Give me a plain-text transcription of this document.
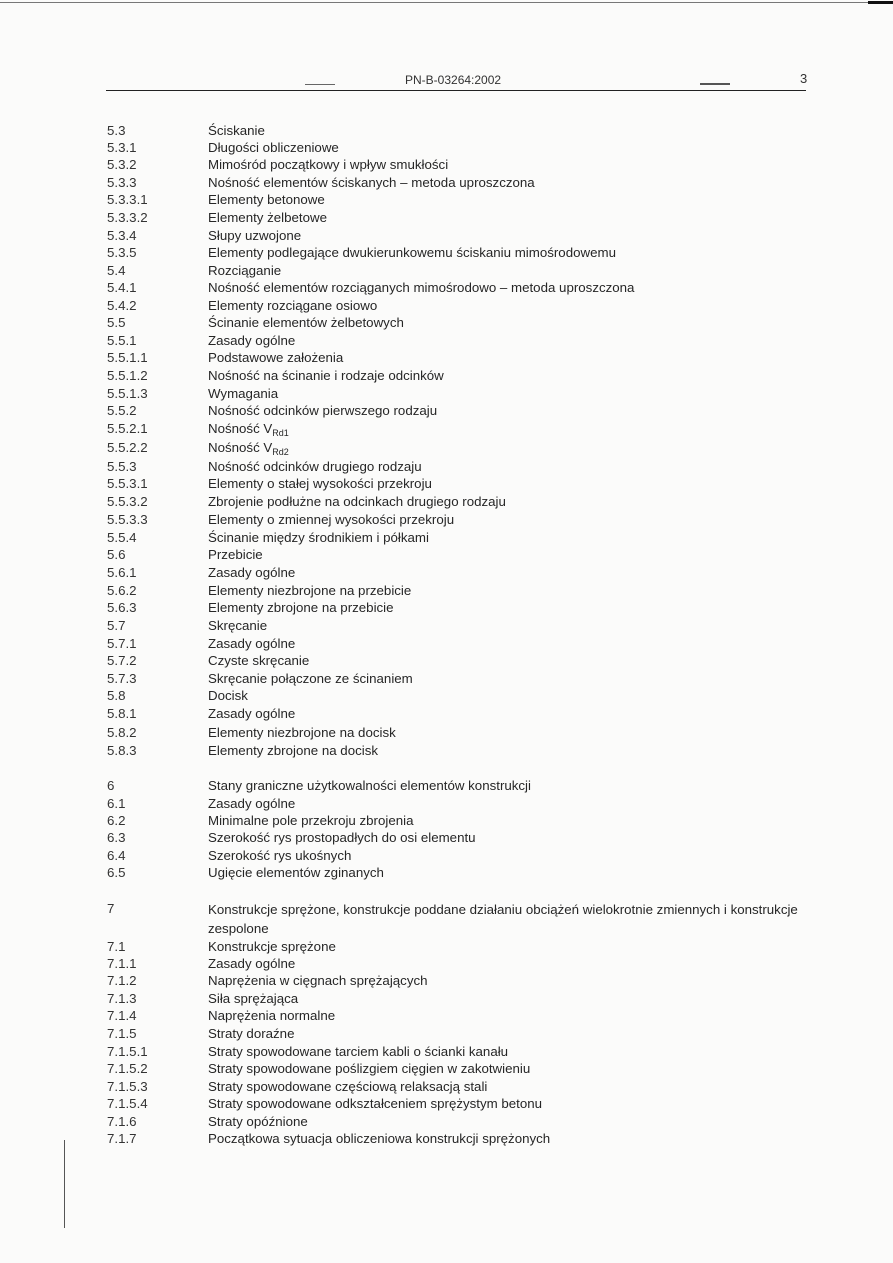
PN-B-03264:2002	3
5.3	Ściskanie
5.3.1	Długości obliczeniowe
5.3.2	Mimośród początkowy i wpływ smukłości
5.3.3	Nośność elementów ściskanych – metoda uproszczona
5.3.3.1	Elementy betonowe
5.3.3.2	Elementy żelbetowe
5.3.4	Słupy uzwojone
5.3.5	Elementy podlegające dwukierunkowemu ściskaniu mimośrodowemu
5.4	Rozciąganie
5.4.1	Nośność elementów rozciąganych mimośrodowo – metoda uproszczona
5.4.2	Elementy rozciągane osiowo
5.5	Ścinanie elementów żelbetowych
5.5.1	Zasady ogólne
5.5.1.1	Podstawowe założenia
5.5.1.2	Nośność na ścinanie i rodzaje odcinków
5.5.1.3	Wymagania
5.5.2	Nośność odcinków pierwszego rodzaju
5.5.2.1	Nośność $V_{Rd1}$
5.5.2.2	Nośność $V_{Rd2}$
5.5.3	Nośność odcinków drugiego rodzaju
5.5.3.1	Elementy o stałej wysokości przekroju
5.5.3.2	Zbrojenie podłużne na odcinkach drugiego rodzaju
5.5.3.3	Elementy o zmiennej wysokości przekroju
5.5.4	Ścinanie między środnikiem i półkami
5.6	Przebicie
5.6.1	Zasady ogólne
5.6.2	Elementy niezbrojone na przebicie
5.6.3	Elementy zbrojone na przebicie
5.7	Skręcanie
5.7.1	Zasady ogólne
5.7.2	Czyste skręcanie
5.7.3	Skręcanie połączone ze ścinaniem
5.8	Docisk
5.8.1	Zasady ogólne
5.8.2	Elementy niezbrojone na docisk
5.8.3	Elementy zbrojone na docisk
6	Stany graniczne użytkowalności elementów konstrukcji
6.1	Zasady ogólne
6.2	Minimalne pole przekroju zbrojenia
6.3	Szerokość rys prostopadłych do osi elementu
6.4	Szerokość rys ukośnych
6.5	Ugięcie elementów zginanych
7	Konstrukcje sprężone, konstrukcje poddane działaniu obciążeń wielokrotnie zmiennych i konstrukcje zespolone
7.1	Konstrukcje sprężone
7.1.1	Zasady ogólne
7.1.2	Naprężenia w cięgnach sprężających
7.1.3	Siła sprężająca
7.1.4	Naprężenia normalne
7.1.5	Straty doraźne
7.1.5.1	Straty spowodowane tarciem kabli o ścianki kanału
7.1.5.2	Straty spowodowane poślizgiem cięgien w zakotwieniu
7.1.5.3	Straty spowodowane częściową relaksacją stali
7.1.5.4	Straty spowodowane odkształceniem sprężystym betonu
7.1.6	Straty opóźnione
7.1.7	Początkowa sytuacja obliczeniowa konstrukcji sprężonych
